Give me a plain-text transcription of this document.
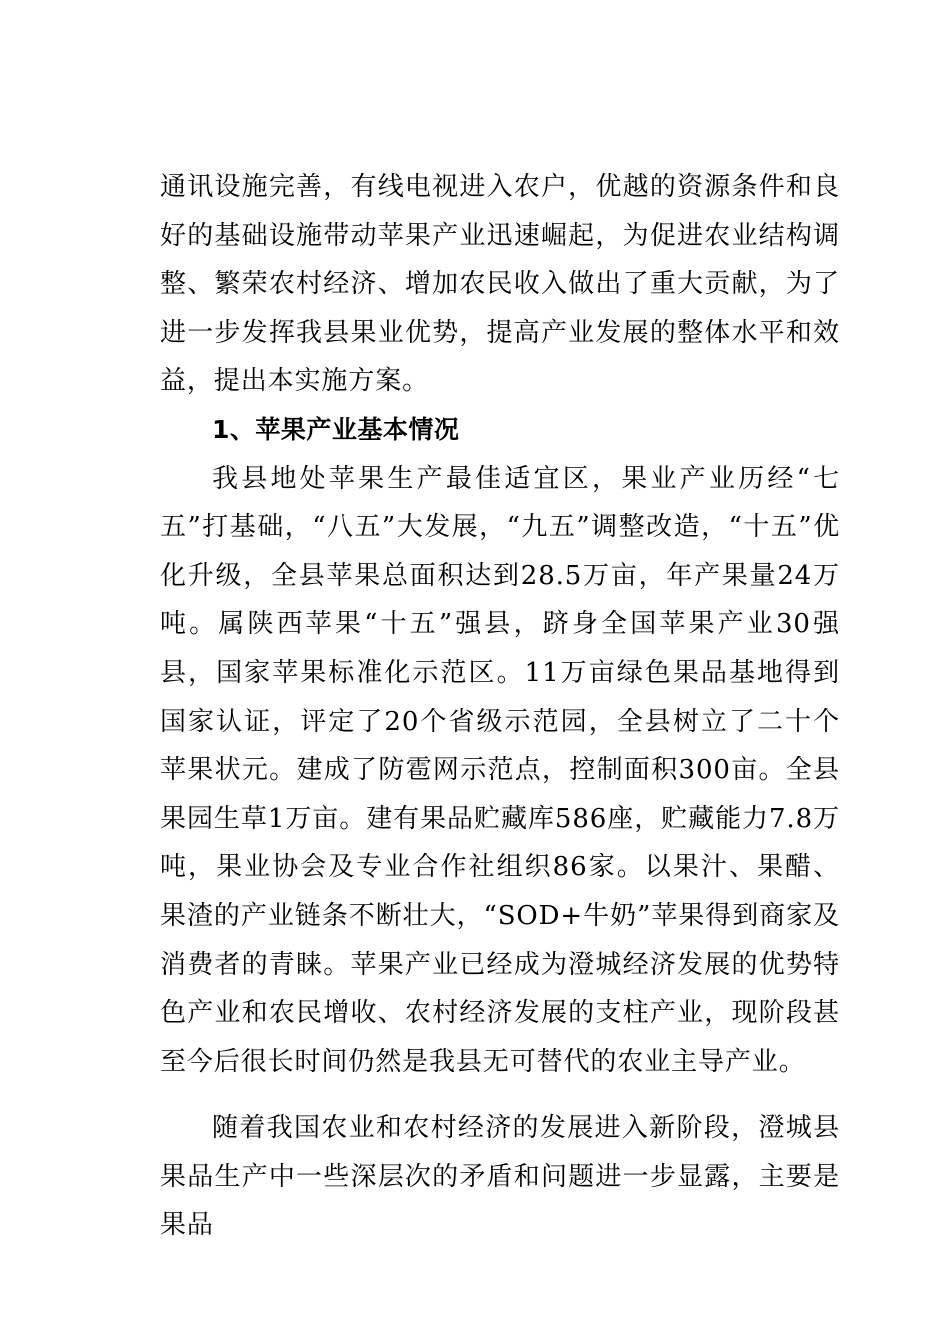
通讯设施完善，有线电视进入农户，优越的资源条件和良好的基础设施带动苹果产业迅速崛起，为促进农业结构调整、繁荣农村经济、增加农民收入做出了重大贡献，为了进一步发挥我县果业优势，提高产业发展的整体水平和效益，提出本实施方案。

1、苹果产业基本情况

我县地处苹果生产最佳适宜区，果业产业历经“七五”打基础，“八五”大发展，“九五”调整改造，“十五”优化升级，全县苹果总面积达到28.5万亩，年产果量24万吨。属陕西苹果“十五”强县，跻身全国苹果产业30强县，国家苹果标准化示范区。11万亩绿色果品基地得到国家认证，评定了20个省级示范园，全县树立了二十个苹果状元。建成了防雹网示范点，控制面积300亩。全县果园生草1万亩。建有果品贮藏库586座，贮藏能力7.8万吨，果业协会及专业合作社组织86家。以果汁、果醋、果渣的产业链条不断壮大，“SOD+牛奶”苹果得到商家及消费者的青睐。苹果产业已经成为澄城经济发展的优势特色产业和农民增收、农村经济发展的支柱产业，现阶段甚至今后很长时间仍然是我县无可替代的农业主导产业。

随着我国农业和农村经济的发展进入新阶段，澄城县果品生产中一些深层次的矛盾和问题进一步显露，主要是果品
